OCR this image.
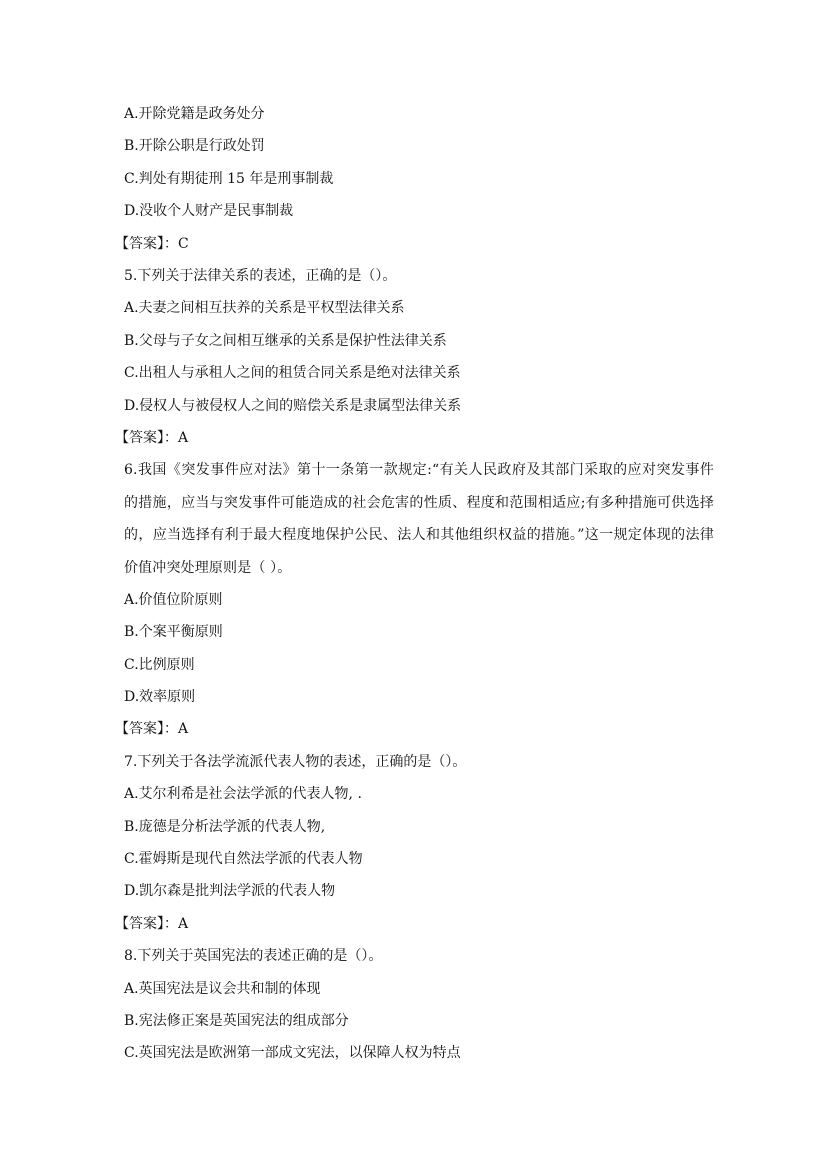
A.开除党籍是政务处分
B.开除公职是行政处罚
C.判处有期徒刑 15 年是刑事制裁
D.没收个人财产是民事制裁
【答案】：C
5.下列关于法律关系的表述，正确的是（）。
A.夫妻之间相互扶养的关系是平权型法律关系
B.父母与子女之间相互继承的关系是保护性法律关系
C.出租人与承租人之间的租赁合同关系是绝对法律关系
D.侵权人与被侵权人之间的赔偿关系是隶属型法律关系
【答案】：A
6.我国《突发事件应对法》第十一条第一款规定:“有关人民政府及其部门采取的应对突发事件的措施，应当与突发事件可能造成的社会危害的性质、程度和范围相适应;有多种措施可供选择的，应当选择有利于最大程度地保护公民、法人和其他组织权益的措施。”这一规定体现的法律价值冲突处理原则是（ ）。
A.价值位阶原则
B.个案平衡原则
C.比例原则
D.效率原则
【答案】：A
7.下列关于各法学流派代表人物的表述，正确的是（）。
A.艾尔利希是社会法学派的代表人物, .
B.庞德是分析法学派的代表人物,
C.霍姆斯是现代自然法学派的代表人物
D.凯尔森是批判法学派的代表人物
【答案】：A
8.下列关于英国宪法的表述正确的是（）。
A.英国宪法是议会共和制的体现
B.宪法修正案是英国宪法的组成部分
C.英国宪法是欧洲第一部成文宪法，以保障人权为特点
